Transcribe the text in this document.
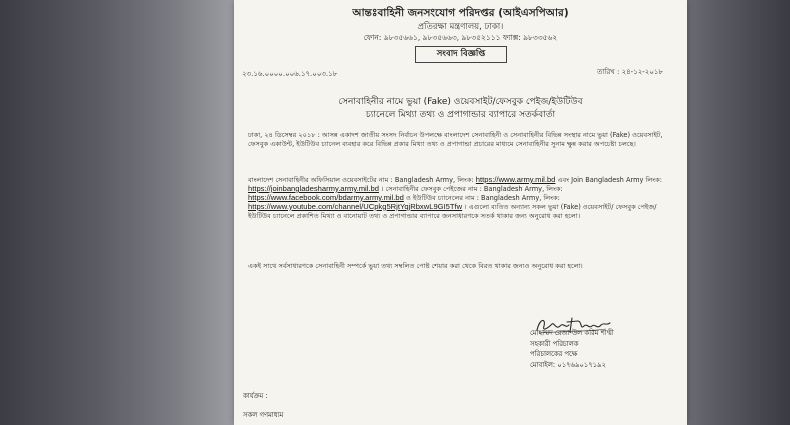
আন্তঃবাহিনী জনসংযোগ পরিদপ্তর (আইএসপিআর)
প্রতিরক্ষা মন্ত্রণালয়, ঢাকা।
ফোন: ৯৮৩৫৬৬১, ৯৮৩৫৬৬৩, ৯৮৩৫২১১১ ফ্যাক্স: ৯৮৩৩৫৬২
সংবাদ বিজ্ঞপ্তি
২৩.১৬.০০০০.০০৬.১৭.০০৩.১৮	তারিখ : ২৪-১২-২০১৮
সেনাবাহিনীর নামে ভুয়া (Fake) ওয়েবসাইট/ফেসবুক পেইজ/ইউটিউব
চ্যানেলে মিথ্যা তথ্য ও প্রপাগান্ডার ব্যাপারে সতর্কবার্তা
ঢাকা, ২৪ ডিসেম্বর ২০১৮ : আসন্ন একাদশ জাতীয় সংসদ নির্বাচন উপলক্ষে বাংলাদেশ সেনাবাহিনী ও সেনাবাহিনীর বিভিন্ন সংস্থার নামে ভুয়া (Fake) ওয়েবসাইট, ফেসবুক একাউন্ট, ইউটিউব চ্যানেল ব্যবহার করে বিভিন্ন প্রকার মিথ্যা তথ্য ও প্রপাগান্ডা প্রচারের মাধ্যমে সেনাবাহিনীর সুনাম ক্ষুন্ন করার অপচেষ্টা চলছে।
বাংলাদেশ সেনাবাহিনীর অফিসিয়াল ওয়েবসাইটের নাম : Bangladesh Army, লিংক: https://www.army.mil.bd এবং Join Bangladesh Army লিংক: https://joinbangladesharmy.army.mil.bd । সেনাবাহিনীর ফেসবুক পেইজের নাম : Bangladesh Army, লিংক: https://www.facebook.com/bdarmy.army.mil.bd ও ইউটিউব চ্যানেলের নাম : Bangladesh Army, লিংক: https://www.youtube.com/channel/UCpkg5RjtYqjRbxwL9GI5Tfw । এগুলো ব্যতিত অন্যান্য সকল ভুয়া (Fake) ওয়েবসাইট/ ফেসবুক পেইজ/ ইউটিউব চ্যানেলে প্রকাশিত মিথ্যা ও বানোয়াট তথ্য ও প্রপাগান্ডার ব্যাপারে জনসাধারণকে সতর্ক থাকার জন্য অনুরোধ করা হলো।
একই সাথে সর্বসাধারণকে সেনাবাহিনী সম্পর্কে ভুয়া তথ্য সম্বলিত পোষ্ট শেয়ার করা থেকে বিরত থাকার জন্যও অনুরোধ করা হলো।
মোহাম্মদ রেজা-উল করিম শাম্মী
সহকারী পরিচালক
পরিচালকের পক্ষে
মোবাইল: ০১৭৬৯০১৭১৯২
কার্যক্রম :
সকল গণমাধ্যম
